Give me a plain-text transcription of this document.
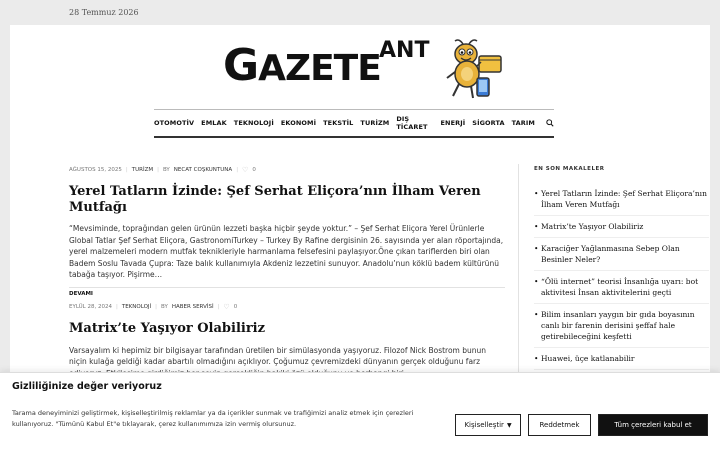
28 Temmuz 2026
GAZETE
ANT
OTOMOTİV EMLAK TEKNOLOJİ EKONOMİ TEKSTİL TURİZM DIŞ TİCARET	ENERJİ SİGORTA TARIM
AĞUSTOS 15, 2025 | TURİZM | BY NECAT COŞKUNTUNA | ♡ 0
Yerel Tatların İzinde: Şef Serhat Eliçora’nın İlham Veren Mutfağı

“Mevsiminde, toprağından gelen ürünün lezzeti başka hiçbir şeyde yoktur.” – Şef Serhat Eliçora Yerel Ürünlerle Global Tatlar Şef Serhat Eliçora, GastronomiTurkey – Turkey By Rafine dergisinin 26. sayısında yer alan röportajında, yerel malzemeleri modern mutfak teknikleriyle harmanlama felsefesini paylaşıyor.Öne çıkan tariflerden biri olan Badem Soslu Tavada Çupra: Taze balık kullanımıyla Akdeniz lezzetini sunuyor. Anadolu’nun köklü badem kültürünü tabağa taşıyor. Pişirme…

DEVAMI
EYLÜL 28, 2024 | TEKNOLOJİ | BY HABER SERVİSİ | ♡ 0
Matrix’te Yaşıyor Olabiliriz

Varsayalım ki hepimiz bir bilgisayar tarafından üretilen bir simülasyonda yaşıyoruz. Filozof Nick Bostrom bunun niçin kulağa geldiği kadar abartılı olmadığını açıklıyor. Çoğumuz çevremizdeki dünyanın gerçek olduğunu farz

EN SON MAKALELER
• Yerel Tatların İzinde: Şef Serhat Eliçora’nın İlham Veren Mutfağı
• Matrix’te Yaşıyor Olabiliriz
• Karaciğer Yağlanmasına Sebep Olan Besinler Neler?
• “Ölü internet” teorisi İnsanlığa uyarı: bot aktivitesi İnsan aktivitelerini geçti
• Bilim insanları yaygın bir gıda boyasının canlı bir farenin derisini şeffaf hale getirebileceğini keşfetti
• Huawei, üçe katlanabilir
Gizliliğinize değer veriyoruz

Tarama deneyiminizi geliştirmek, kişiselleştirilmiş reklamlar ya da içerikler sunmak ve trafiğimizi analiz etmek için çerezleri kullanıyoruz. "Tümünü Kabul Et"e tıklayarak, çerez kullanımımıza izin vermiş olursunuz.	Kişiselleştir ▼	Reddetmek	Tüm çerezleri kabul et
